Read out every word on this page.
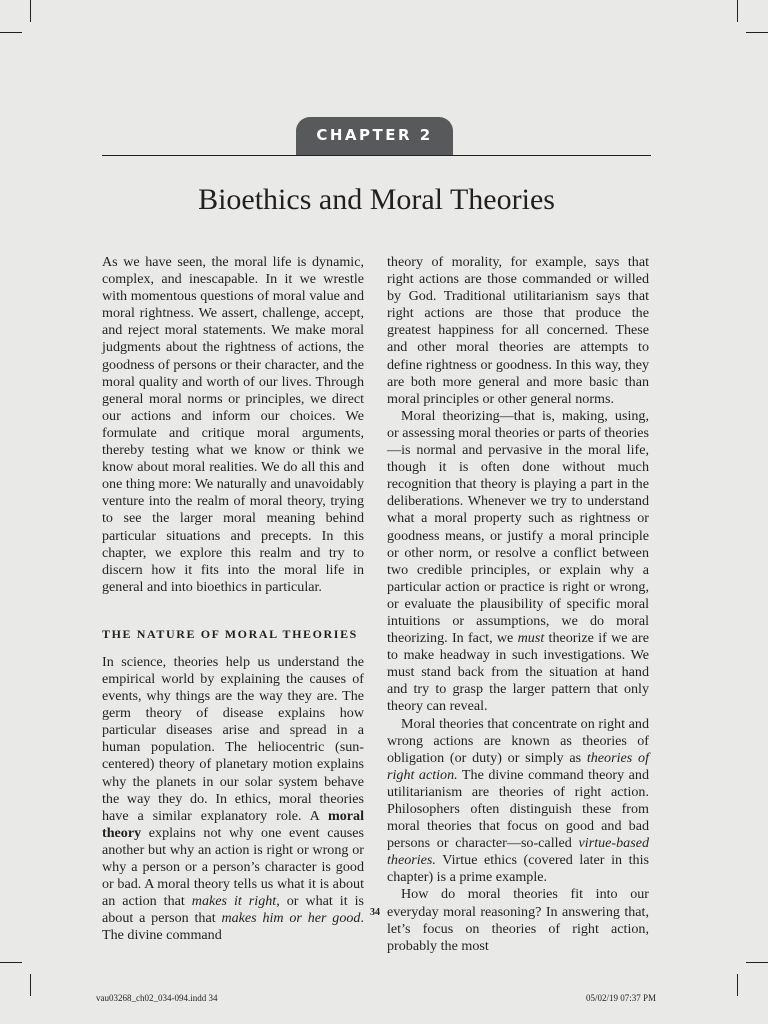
CHAPTER 2
Bioethics and Moral Theories

As we have seen, the moral life is dynamic, complex, and inescapable. In it we wrestle with momentous questions of moral value and moral rightness. We assert, challenge, accept, and reject moral statements. We make moral judgments about the rightness of actions, the goodness of persons or their character, and the moral quality and worth of our lives. Through general moral norms or principles, we direct our actions and inform our choices. We formulate and critique moral arguments, thereby testing what we know or think we know about moral realities. We do all this and one thing more: We naturally and unavoidably venture into the realm of moral theory, trying to see the larger moral meaning behind particular situations and precepts. In this chapter, we explore this realm and try to discern how it fits into the moral life in general and into bioethics in particular.

THE NATURE OF MORAL THEORIES

In science, theories help us understand the empirical world by explaining the causes of events, why things are the way they are. The germ theory of disease explains how particular diseases arise and spread in a human population. The heliocentric (sun-centered) theory of planetary motion explains why the planets in our solar system behave the way they do. In ethics, moral theories have a similar explanatory role. A moral theory explains not why one event causes another but why an action is right or wrong or why a person or a person’s character is good or bad. A moral theory tells us what it is about an action that makes it right, or what it is about a person that makes him or her good. The divine command

theory of morality, for example, says that right actions are those commanded or willed by God. Traditional utilitarianism says that right actions are those that produce the greatest happiness for all concerned. These and other moral theories are attempts to define rightness or goodness. In this way, they are both more general and more basic than moral principles or other general norms.

Moral theorizing—that is, making, using, or assessing moral theories or parts of theories—is normal and pervasive in the moral life, though it is often done without much recognition that theory is playing a part in the deliberations. Whenever we try to understand what a moral property such as rightness or goodness means, or justify a moral principle or other norm, or resolve a conflict between two credible principles, or explain why a particular action or practice is right or wrong, or evaluate the plausibility of specific moral intuitions or assumptions, we do moral theorizing. In fact, we must theorize if we are to make headway in such investigations. We must stand back from the situation at hand and try to grasp the larger pattern that only theory can reveal.

Moral theories that concentrate on right and wrong actions are known as theories of obligation (or duty) or simply as theories of right action. The divine command theory and utilitarianism are theories of right action. Philosophers often distinguish these from moral theories that focus on good and bad persons or character—so-called virtue-based theories. Virtue ethics (covered later in this chapter) is a prime example.

How do moral theories fit into our everyday moral reasoning? In answering that, let’s focus on theories of right action, probably the most

34
vau03268_ch02_034-094.indd 34	05/02/19 07:37 PM
